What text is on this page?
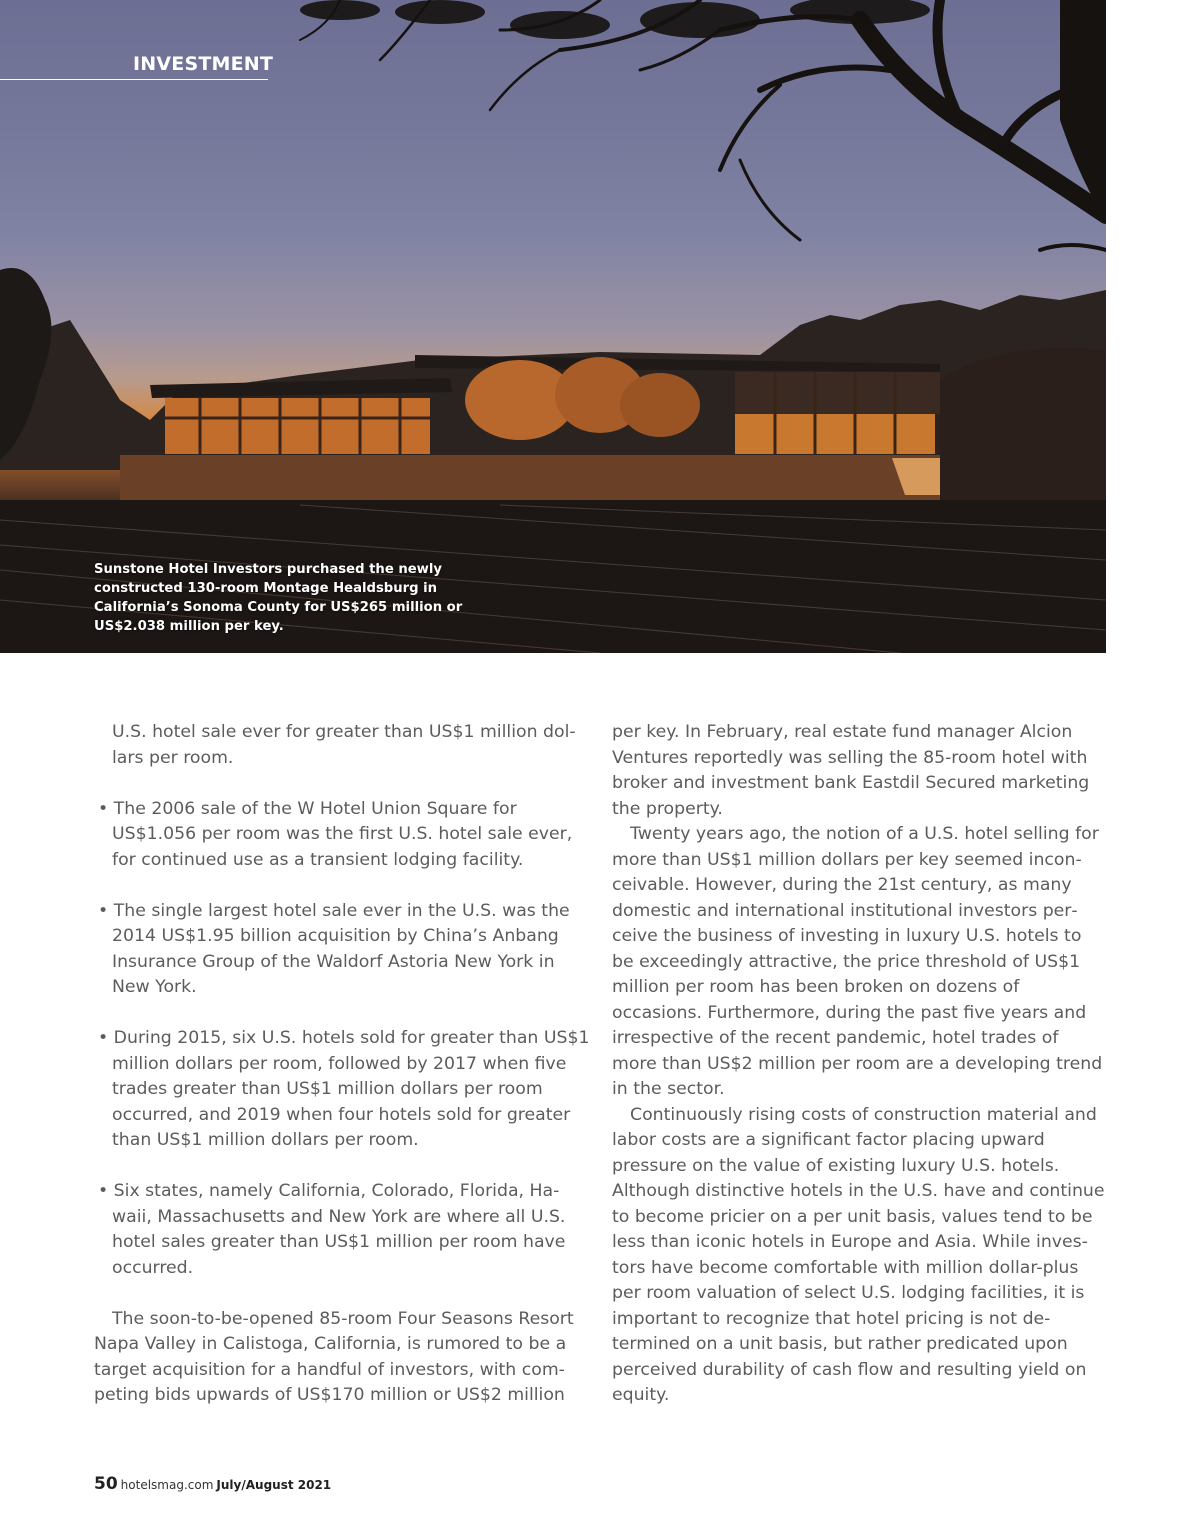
INVESTMENT

Sunstone Hotel Investors purchased the newly constructed 130-room Montage Healdsburg in California’s Sonoma County for US$265 million or US$2.038 million per key.

U.S. hotel sale ever for greater than US$1 million dollars per room.

• The 2006 sale of the W Hotel Union Square for US$1.056 per room was the first U.S. hotel sale ever, for continued use as a transient lodging facility.

• The single largest hotel sale ever in the U.S. was the 2014 US$1.95 billion acquisition by China’s Anbang Insurance Group of the Waldorf Astoria New York in New York.

• During 2015, six U.S. hotels sold for greater than US$1 million dollars per room, followed by 2017 when five trades greater than US$1 million dollars per room occurred, and 2019 when four hotels sold for greater than US$1 million dollars per room.

• Six states, namely California, Colorado, Florida, Hawaii, Massachusetts and New York are where all U.S. hotel sales greater than US$1 million per room have occurred.

The soon-to-be-opened 85-room Four Seasons Resort Napa Valley in Calistoga, California, is rumored to be a target acquisition for a handful of investors, with competing bids upwards of US$170 million or US$2 million

per key. In February, real estate fund manager Alcion Ventures reportedly was selling the 85-room hotel with broker and investment bank Eastdil Secured marketing the property.

Twenty years ago, the notion of a U.S. hotel selling for more than US$1 million dollars per key seemed inconceivable. However, during the 21st century, as many domestic and international institutional investors perceive the business of investing in luxury U.S. hotels to be exceedingly attractive, the price threshold of US$1 million per room has been broken on dozens of occasions. Furthermore, during the past five years and irrespective of the recent pandemic, hotel trades of more than US$2 million per room are a developing trend in the sector.

Continuously rising costs of construction material and labor costs are a significant factor placing upward pressure on the value of existing luxury U.S. hotels. Although distinctive hotels in the U.S. have and continue to become pricier on a per unit basis, values tend to be less than iconic hotels in Europe and Asia. While investors have become comfortable with million dollar-plus per room valuation of select U.S. lodging facilities, it is important to recognize that hotel pricing is not determined on a unit basis, but rather predicated upon perceived durability of cash flow and resulting yield on equity.

50 hotelsmag.com July/August 2021
